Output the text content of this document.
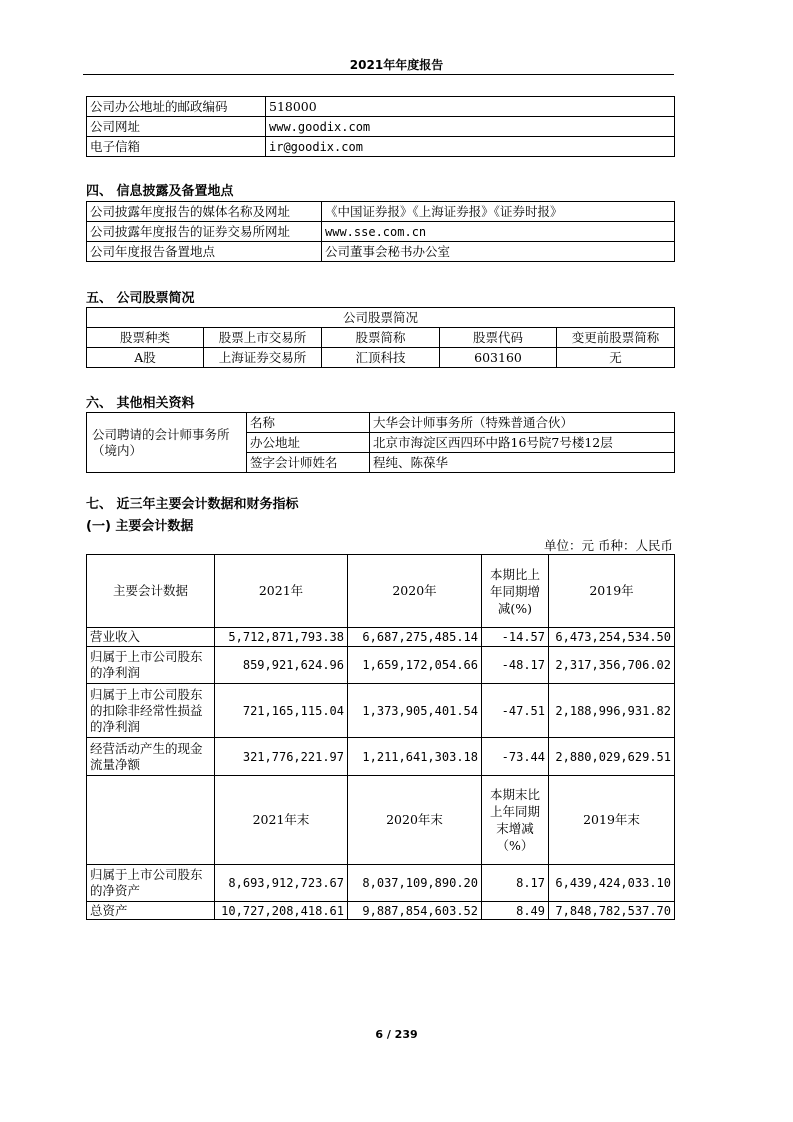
2021年年度报告
公司办公地址的邮政编码	518000
公司网址	www.goodix.com
电子信箱	ir@goodix.com
四、 信息披露及备置地点
公司披露年度报告的媒体名称及网址	《中国证券报》《上海证券报》《证券时报》
公司披露年度报告的证券交易所网址	www.sse.com.cn
公司年度报告备置地点	公司董事会秘书办公室
五、 公司股票简况
公司股票简况				
股票种类	股票上市交易所	股票简称	股票代码	变更前股票简称
A股	上海证券交易所	汇顶科技	603160	无
六、 其他相关资料
公司聘请的会计师事务所（境内）	名称	大华会计师事务所（特殊普通合伙）
	办公地址	北京市海淀区西四环中路16号院7号楼12层
	签字会计师姓名	程纯、陈葆华
七、 近三年主要会计数据和财务指标
(一) 主要会计数据
单位：元 币种：人民币
主要会计数据	2021年	2020年	本期比上年同期增减(%)	2019年
营业收入	5,712,871,793.38	6,687,275,485.14	-14.57	6,473,254,534.50
归属于上市公司股东的净利润	859,921,624.96	1,659,172,054.66	-48.17	2,317,356,706.02
归属于上市公司股东的扣除非经常性损益的净利润	721,165,115.04	1,373,905,401.54	-47.51	2,188,996,931.82
经营活动产生的现金流量净额	321,776,221.97	1,211,641,303.18	-73.44	2,880,029,629.51
	2021年末	2020年末	本期末比上年同期末增减（%）	2019年末
归属于上市公司股东的净资产	8,693,912,723.67	8,037,109,890.20	8.17	6,439,424,033.10
总资产	10,727,208,418.61	9,887,854,603.52	8.49	7,848,782,537.70
6 / 239
